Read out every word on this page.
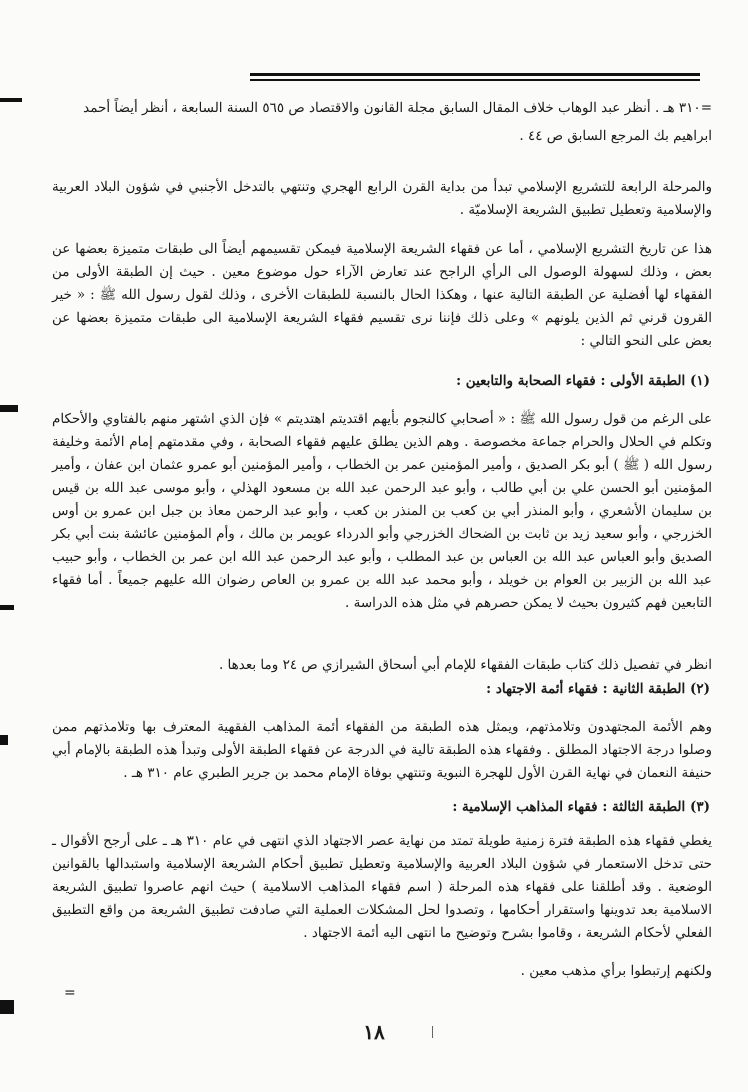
=٣١٠ هـ . أنظر عبد الوهاب خلاف المقال السابق مجلة القانون والاقتصاد ص ٥٦٥ السنة السابعة ، أنظر أيضاً أحمد
ابراهيم بك المرجع السابق ص ٤٤ .
والمرحلة الرابعة للتشريع الإسلامي تبدأ من بداية القرن الرابع الهجري وتنتهي بالتدخل الأجنبي في شؤون البلاد العربية والإسلامية وتعطيل تطبيق الشريعة الإسلاميّة .
هذا عن تاريخ التشريع الإسلامي ، أما عن فقهاء الشريعة الإسلامية فيمكن تقسيمهم أيضاً الى طبقات متميزة بعضها عن بعض ، وذلك لسهولة الوصول الى الرأي الراجح عند تعارض الآراء حول موضوع معين . حيث إن الطبقة الأولى من الفقهاء لها أفضلية عن الطبقة التالية عنها ، وهكذا الحال بالنسبة للطبقات الأخرى ، وذلك لقول رسول الله ﷺ : « خير القرون قرني ثم الذين يلونهم » وعلى ذلك فإننا نرى تقسيم فقهاء الشريعة الإسلامية الى طبقات متميزة بعضها عن بعض على النحو التالي :
(١) الطبقة الأولى : فقهاء الصحابة والتابعين :
على الرغم من قول رسول الله ﷺ : « أصحابي كالنجوم بأيهم اقتديتم اهتديتم » فإن الذي اشتهر منهم بالفتاوي والأحكام وتكلم في الحلال والحرام جماعة مخصوصة . وهم الذين يطلق عليهم فقهاء الصحابة ، وفي مقدمتهم إمام الأئمة وخليفة رسول الله ( ﷺ ) أبو بكر الصديق ، وأمير المؤمنين عمر بن الخطاب ، وأمير المؤمنين أبو عمرو عثمان ابن عفان ، وأمير المؤمنين أبو الحسن علي بن أبي طالب ، وأبو عبد الرحمن عبد الله بن مسعود الهذلي ، وأبو موسى عبد الله بن قيس بن سليمان الأشعري ، وأبو المنذر أبي بن كعب بن المنذر بن كعب ، وأبو عبد الرحمن معاذ بن جبل ابن عمرو بن أوس الخزرجي ، وأبو سعيد زيد بن ثابت بن الضحاك الخزرجي وأبو الدرداء عويمر بن مالك ، وأم المؤمنين عائشة بنت أبي بكر الصديق وأبو العباس عبد الله بن العباس بن عبد المطلب ، وأبو عبد الرحمن عبد الله ابن عمر بن الخطاب ، وأبو حبيب عبد الله بن الزبير بن العوام بن خويلد ، وأبو محمد عبد الله بن عمرو بن العاص رضوان الله عليهم جميعاً . أما فقهاء التابعين فهم كثيرون بحيث لا يمكن حصرهم في مثل هذه الدراسة .
انظر في تفصيل ذلك كتاب طبقات الفقهاء للإمام أبي أسحاق الشيرازي ص ٢٤ وما بعدها .
(٢) الطبقة الثانية : فقهاء أئمة الاجتهاد :
وهم الأئمة المجتهدون وتلامذتهم، ويمثل هذه الطبقة من الفقهاء أئمة المذاهب الفقهية المعترف بها وتلامذتهم ممن وصلوا درجة الاجتهاد المطلق . وفقهاء هذه الطبقة تالية في الدرجة عن فقهاء الطبقة الأولى وتبدأ هذه الطبقة بالإمام أبي حنيفة النعمان في نهاية القرن الأول للهجرة النبوية وتنتهي بوفاة الإمام محمد بن جرير الطبري عام ٣١٠ هـ .
(٣) الطبقة الثالثة : فقهاء المذاهب الإسلامية :
يغطي فقهاء هذه الطبقة فترة زمنية طويلة تمتد من نهاية عصر الاجتهاد الذي انتهى في عام ٣١٠ هـ ـ على أرجح الأقوال ـ حتى تدخل الاستعمار في شؤون البلاد العربية والإسلامية وتعطيل تطبيق أحكام الشريعة الإسلامية واستبدالها بالقوانين الوضعية . وقد أطلقنا على فقهاء هذه المرحلة ( اسم فقهاء المذاهب الاسلامية ) حيث انهم عاصروا تطبيق الشريعة الاسلامية بعد تدوينها واستقرار أحكامها ، وتصدوا لحل المشكلات العملية التي صادفت تطبيق الشريعة من واقع التطبيق الفعلي لأحكام الشريعة ، وقاموا بشرح وتوضيح ما انتهى اليه أئمة الاجتهاد .
ولكنهم إرتبطوا برأي مذهب معين .
=
١٨
